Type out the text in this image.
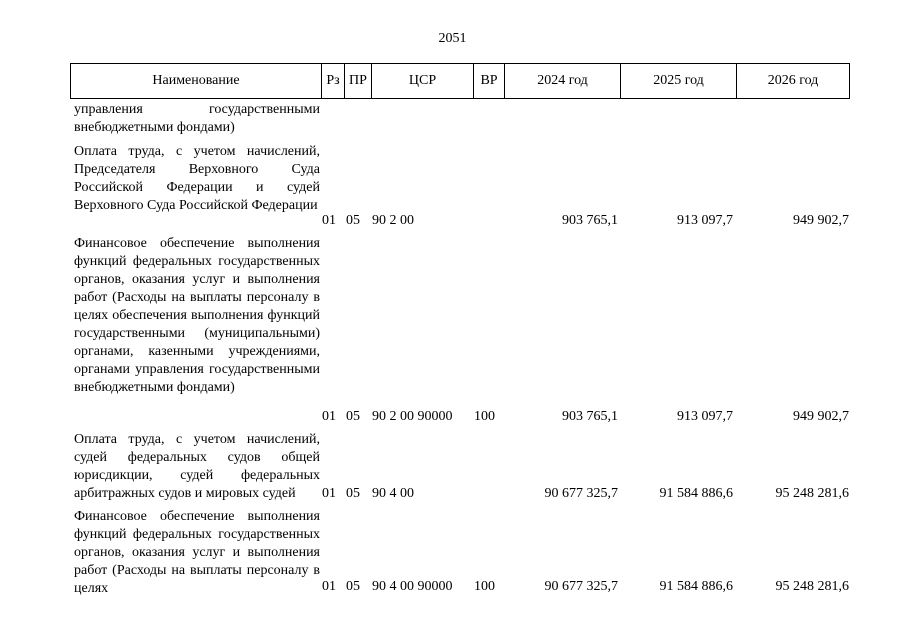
2051
Наименование	Рз ПР	ЦСР	ВР	2024 год	2025 год	2026 год
управления государственными внебюджетными фондами)
Оплата труда, с учетом начислений, Председателя Верховного Суда Российской Федерации и судей Верховного Суда Российской Федерации
01 05 90 2 00	903 765,1	913 097,7	949 902,7
Финансовое обеспечение выполнения функций федеральных государственных органов, оказания услуг и выполнения работ (Расходы на выплаты персоналу в целях обеспечения выполнения функций государственными (муниципальными) органами, казенными учреждениями, органами управления государственными внебюджетными фондами)
01 05 90 2 00 90000	100	903 765,1	913 097,7	949 902,7
Оплата труда, с учетом начислений, судей федеральных судов общей юрисдикции, судей федеральных арбитражных судов и мировых судей	01 05 90 4 00	90 677 325,7	91 584 886,6	95 248 281,6
Финансовое обеспечение выполнения функций федеральных государственных органов, оказания услуг и выполнения работ (Расходы на выплаты персоналу в целях	01 05 90 4 00 90000	100	90 677 325,7	91 584 886,6	95 248 281,6
